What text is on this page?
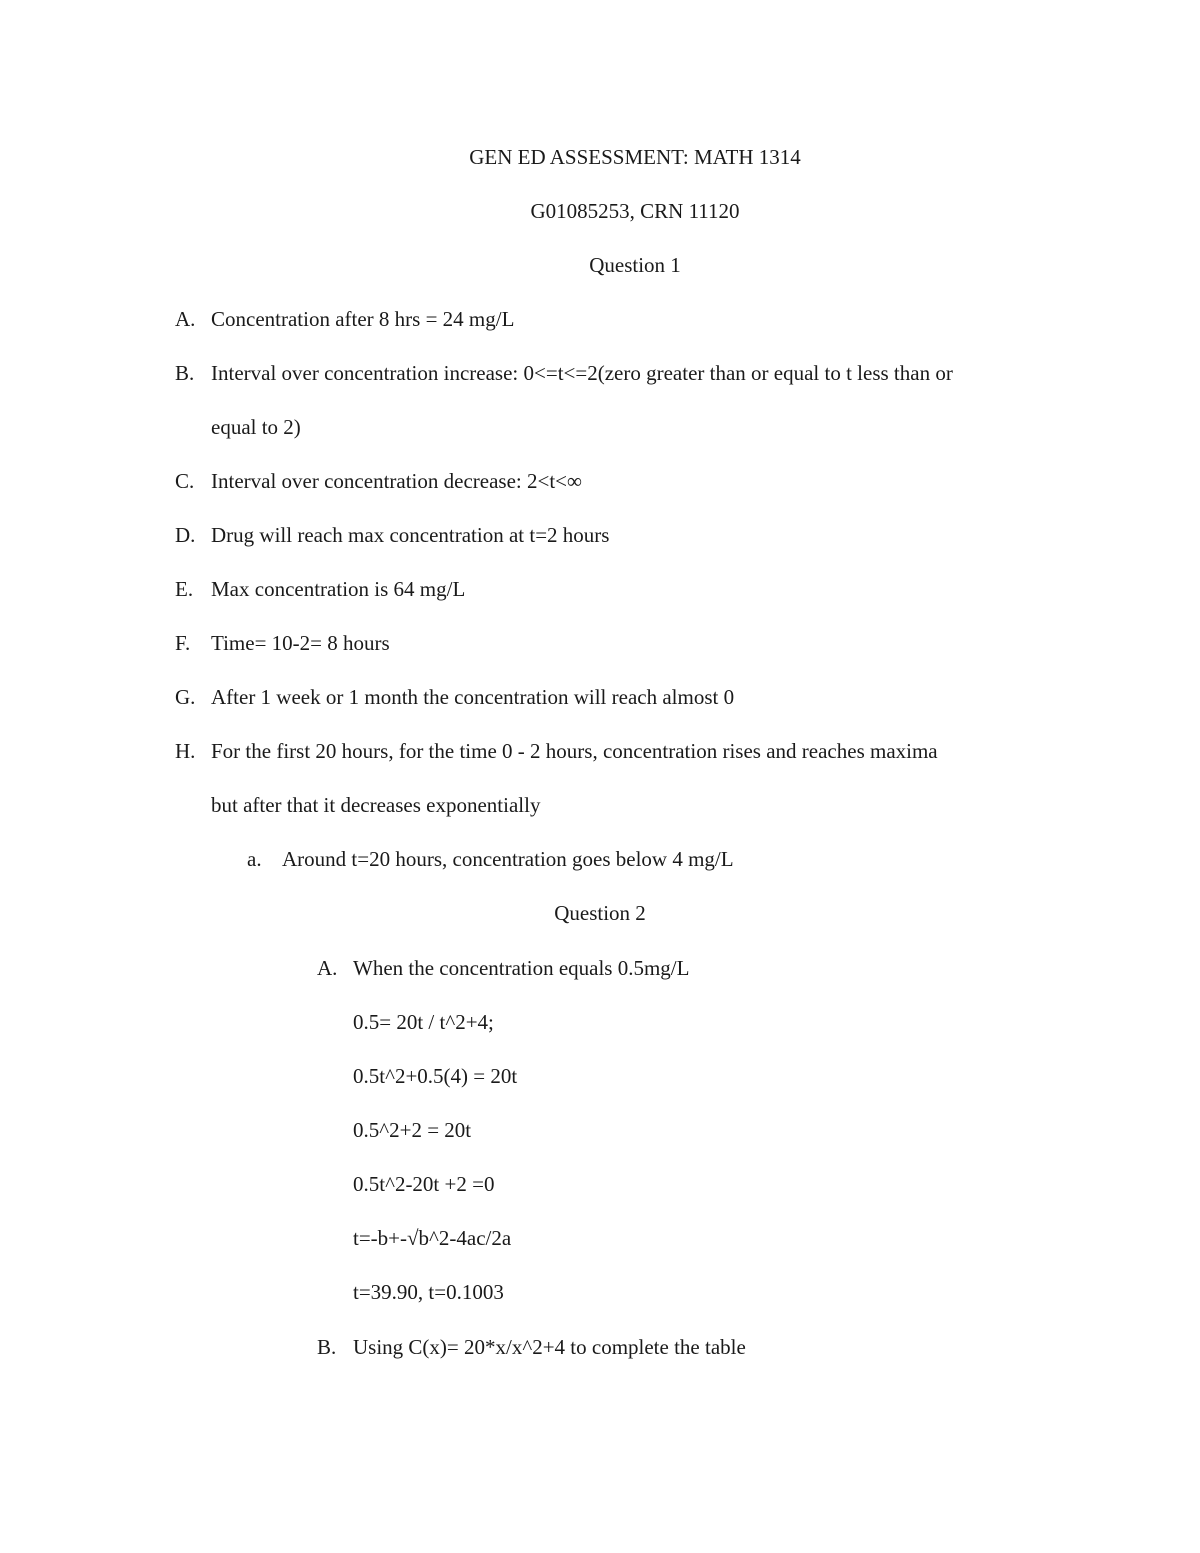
GEN ED ASSESSMENT: MATH 1314
G01085253, CRN 11120
Question 1
A. Concentration after 8 hrs = 24 mg/L
B. Interval over concentration increase: 0<=t<=2(zero greater than or equal to t less than or
equal to 2)
C. Interval over concentration decrease: 2<t<∞
D. Drug will reach max concentration at t=2 hours
E. Max concentration is 64 mg/L
F. Time= 10-2= 8 hours
G. After 1 week or 1 month the concentration will reach almost 0
H. For the first 20 hours, for the time 0 - 2 hours, concentration rises and reaches maxima
but after that it decreases exponentially
a. Around t=20 hours, concentration goes below 4 mg/L
Question 2
A. When the concentration equals 0.5mg/L
0.5= 20t / t^2+4;
0.5t^2+0.5(4) = 20t
0.5^2+2 = 20t
0.5t^2-20t +2 =0
t=-b+-√b^2-4ac/2a
t=39.90, t=0.1003
B. Using C(x)= 20*x/x^2+4 to complete the table
